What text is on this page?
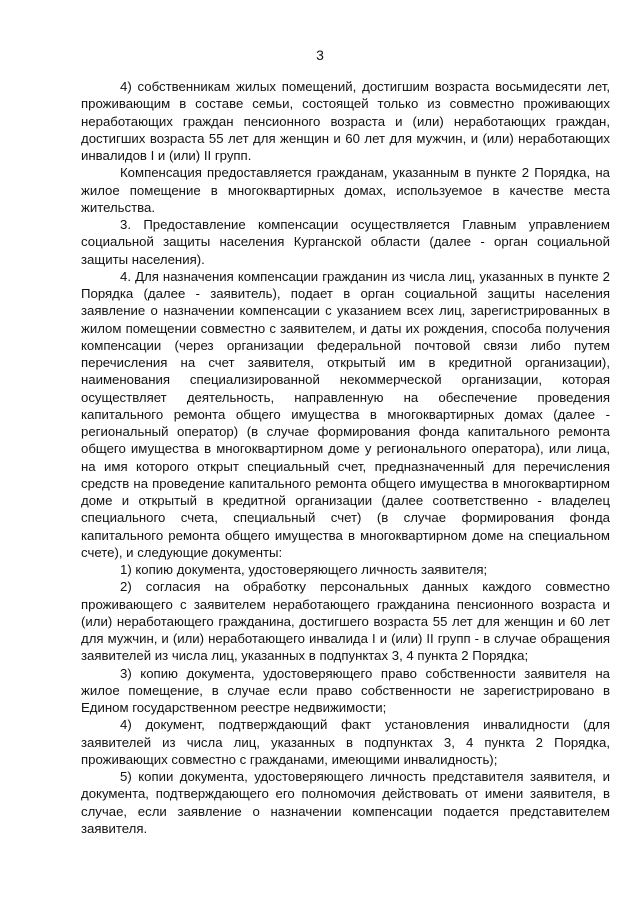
3

4) собственникам жилых помещений, достигшим возраста восьмидесяти лет, проживающим в составе семьи, состоящей только из совместно проживающих неработающих граждан пенсионного возраста и (или) неработающих граждан, достигших возраста 55 лет для женщин и 60 лет для мужчин, и (или) неработающих инвалидов I и (или) II групп.

Компенсация предоставляется гражданам, указанным в пункте 2 Порядка, на жилое помещение в многоквартирных домах, используемое в качестве места жительства.

3. Предоставление компенсации осуществляется Главным управлением социальной защиты населения Курганской области (далее - орган социальной защиты населения).

4. Для назначения компенсации гражданин из числа лиц, указанных в пункте 2 Порядка (далее - заявитель), подает в орган социальной защиты населения заявление о назначении компенсации с указанием всех лиц, зарегистрированных в жилом помещении совместно с заявителем, и даты их рождения, способа получения компенсации (через организации федеральной почтовой связи либо путем перечисления на счет заявителя, открытый им в кредитной организации), наименования специализированной некоммерческой организации, которая осуществляет деятельность, направленную на обеспечение проведения капитального ремонта общего имущества в многоквартирных домах (далее - региональный оператор) (в случае формирования фонда капитального ремонта общего имущества в многоквартирном доме у регионального оператора), или лица, на имя которого открыт специальный счет, предназначенный для перечисления средств на проведение капитального ремонта общего имущества в многоквартирном доме и открытый в кредитной организации (далее соответственно - владелец специального счета, специальный счет) (в случае формирования фонда капитального ремонта общего имущества в многоквартирном доме на специальном счете), и следующие документы:

1) копию документа, удостоверяющего личность заявителя;

2) согласия на обработку персональных данных каждого совместно проживающего с заявителем неработающего гражданина пенсионного возраста и (или) неработающего гражданина, достигшего возраста 55 лет для женщин и 60 лет для мужчин, и (или) неработающего инвалида I и (или) II групп - в случае обращения заявителей из числа лиц, указанных в подпунктах 3, 4 пункта 2 Порядка;

3) копию документа, удостоверяющего право собственности заявителя на жилое помещение, в случае если право собственности не зарегистрировано в Едином государственном реестре недвижимости;

4) документ, подтверждающий факт установления инвалидности (для заявителей из числа лиц, указанных в подпунктах 3, 4 пункта 2 Порядка, проживающих совместно с гражданами, имеющими инвалидность);

5) копии документа, удостоверяющего личность представителя заявителя, и документа, подтверждающего его полномочия действовать от имени заявителя, в случае, если заявление о назначении компенсации подается представителем заявителя.
